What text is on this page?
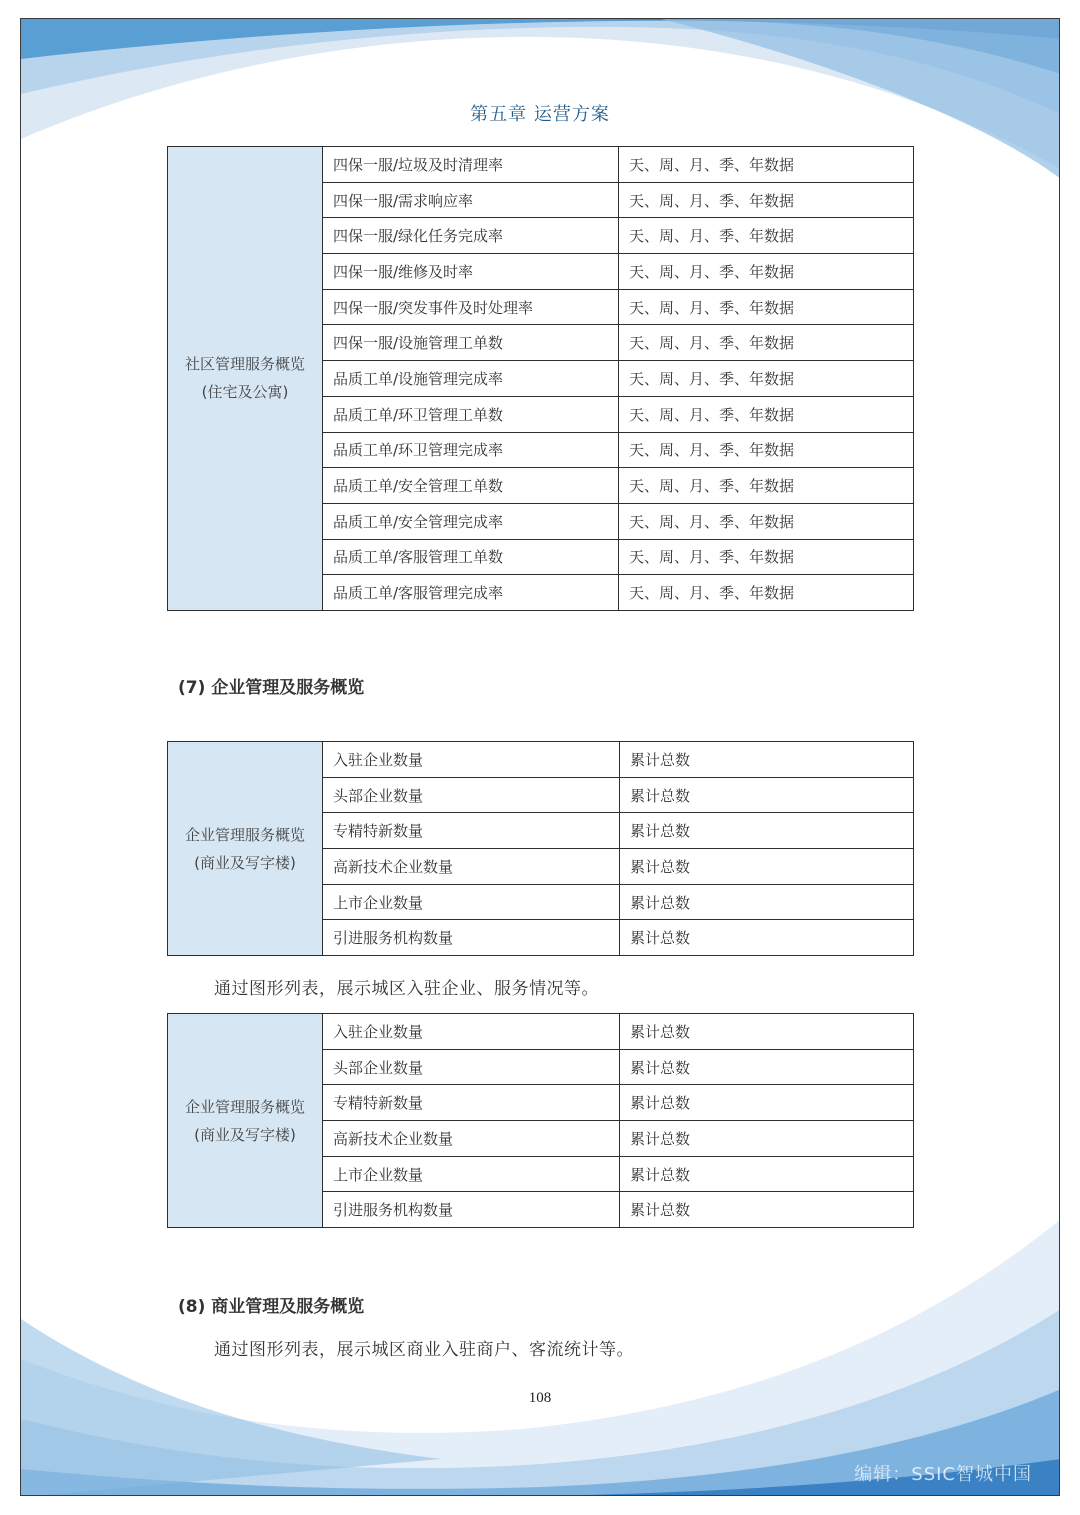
第五章 运营方案
社区管理服务概览
(住宅及公寓)	四保一服/垃圾及时清理率	天、周、月、季、年数据
	四保一服/需求响应率	天、周、月、季、年数据
	四保一服/绿化任务完成率	天、周、月、季、年数据
	四保一服/维修及时率	天、周、月、季、年数据
	四保一服/突发事件及时处理率	天、周、月、季、年数据
	四保一服/设施管理工单数	天、周、月、季、年数据
	品质工单/设施管理完成率	天、周、月、季、年数据
	品质工单/环卫管理工单数	天、周、月、季、年数据
	品质工单/环卫管理完成率	天、周、月、季、年数据
	品质工单/安全管理工单数	天、周、月、季、年数据
	品质工单/安全管理完成率	天、周、月、季、年数据
	品质工单/客服管理工单数	天、周、月、季、年数据
	品质工单/客服管理完成率	天、周、月、季、年数据
(7) 企业管理及服务概览
企业管理服务概览
(商业及写字楼)	入驻企业数量	累计总数
	头部企业数量	累计总数
	专精特新数量	累计总数
	高新技术企业数量	累计总数
	上市企业数量	累计总数
	引进服务机构数量	累计总数
通过图形列表，展示城区入驻企业、服务情况等。
企业管理服务概览
(商业及写字楼)	入驻企业数量	累计总数
	头部企业数量	累计总数
	专精特新数量	累计总数
	高新技术企业数量	累计总数
	上市企业数量	累计总数
	引进服务机构数量	累计总数
(8) 商业管理及服务概览
通过图形列表，展示城区商业入驻商户、客流统计等。
108
编辑：SSIC智城中国
